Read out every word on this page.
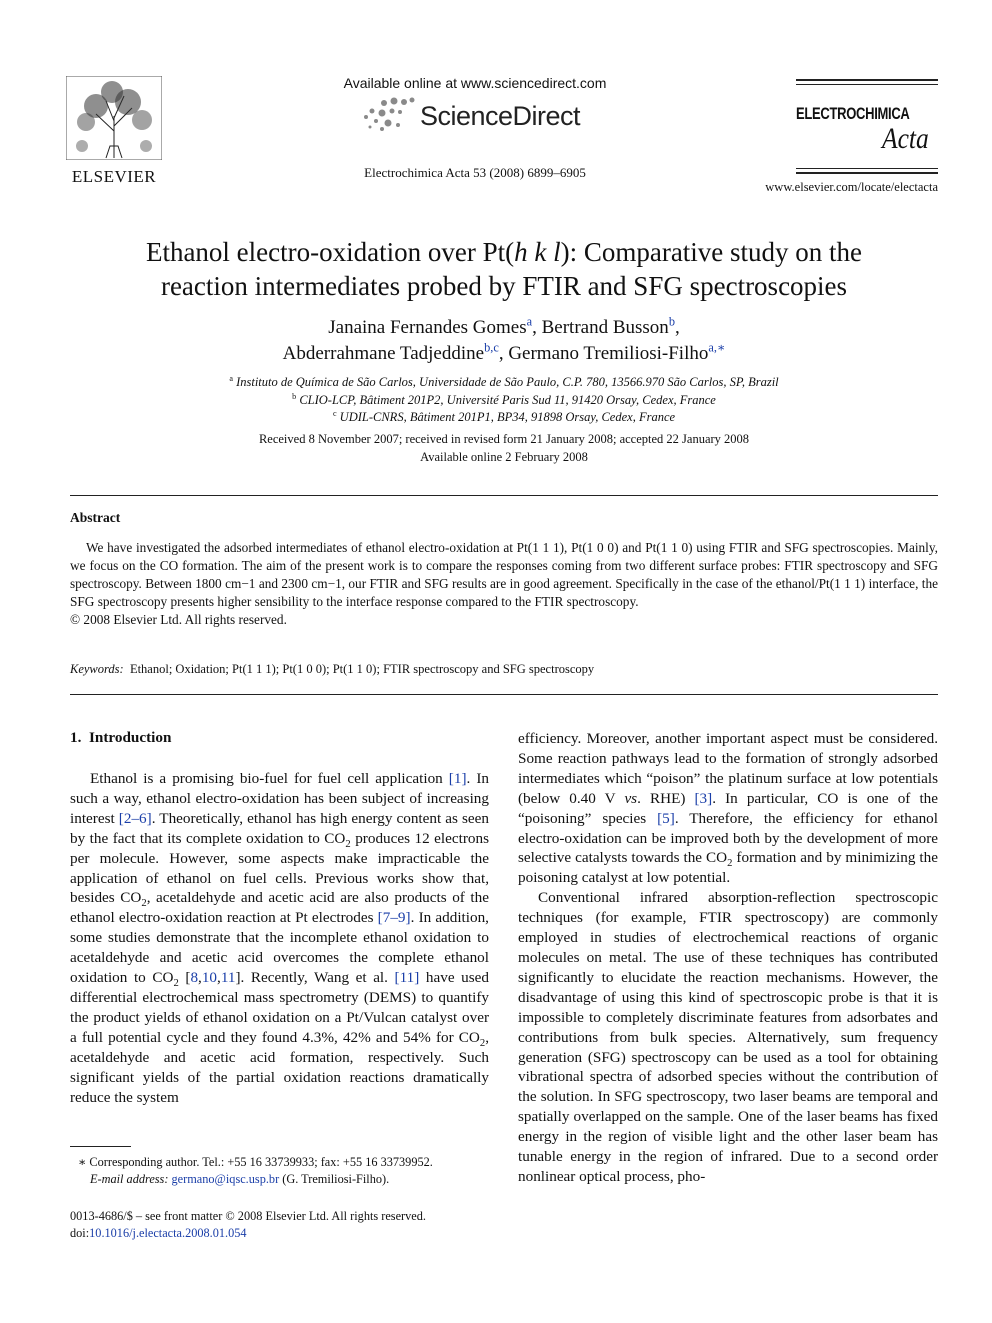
ELSEVIER
Available online at www.sciencedirect.com
ScienceDirect
Electrochimica Acta 53 (2008) 6899–6905
ELECTROCHIMICA
Acta
www.elsevier.com/locate/electacta
Ethanol electro-oxidation over Pt(h k l): Comparative study on the
reaction intermediates probed by FTIR and SFG spectroscopies
Janaina Fernandes Gomes$^a$, Bertrand Busson$^b$,
Abderrahmane Tadjeddine$^{b,c}$, Germano Tremiliosi-Filho$^{a,∗}$
$^a$ Instituto de Química de São Carlos, Universidade de São Paulo, C.P. 780, 13566.970 São Carlos, SP, Brazil
$^b$ CLIO-LCP, Bâtiment 201P2, Université Paris Sud 11, 91420 Orsay, Cedex, France
$^c$ UDIL-CNRS, Bâtiment 201P1, BP34, 91898 Orsay, Cedex, France
Received 8 November 2007; received in revised form 21 January 2008; accepted 22 January 2008
Available online 2 February 2008
Abstract
We have investigated the adsorbed intermediates of ethanol electro-oxidation at Pt(1 1 1), Pt(1 0 0) and Pt(1 1 0) using FTIR and SFG spectroscopies. Mainly, we focus on the CO formation. The aim of the present work is to compare the responses coming from two different surface probes: FTIR spectroscopy and SFG spectroscopy. Between 1800 cm−1 and 2300 cm−1, our FTIR and SFG results are in good agreement. Specifically in the case of the ethanol/Pt(1 1 1) interface, the SFG spectroscopy presents higher sensibility to the interface response compared to the FTIR spectroscopy.
© 2008 Elsevier Ltd. All rights reserved.
Keywords: Ethanol; Oxidation; Pt(1 1 1); Pt(1 0 0); Pt(1 1 0); FTIR spectroscopy and SFG spectroscopy
1.  Introduction

Ethanol is a promising bio-fuel for fuel cell application [1]. In such a way, ethanol electro-oxidation has been subject of increasing interest [2–6]. Theoretically, ethanol has high energy content as seen by the fact that its complete oxidation to $CO_2$ produces 12 electrons per molecule. However, some aspects make impracticable the application of ethanol on fuel cells. Previous works show that, besides $CO_2$, acetaldehyde and acetic acid are also products of the ethanol electro-oxidation reaction at Pt electrodes [7–9]. In addition, some studies demonstrate that the incomplete ethanol oxidation to acetaldehyde and acetic acid overcomes the complete ethanol oxidation to $CO_2$ [8,10,11]. Recently, Wang et al. [11] have used differential electrochemical mass spectrometry (DEMS) to quantify the product yields of ethanol oxidation on a Pt/Vulcan catalyst over a full potential cycle and they found 4.3%, 42% and 54% for $CO_2$, acetaldehyde and acetic acid formation, respectively. Such significant yields of the partial oxidation reactions dramatically reduce the system

∗ Corresponding author. Tel.: +55 16 33739933; fax: +55 16 33739952.
E-mail address: germano@iqsc.usp.br (G. Tremiliosi-Filho).
0013-4686/$ – see front matter © 2008 Elsevier Ltd. All rights reserved.
doi:10.1016/j.electacta.2008.01.054

efficiency. Moreover, another important aspect must be considered. Some reaction pathways lead to the formation of strongly adsorbed intermediates which “poison” the platinum surface at low potentials (below 0.40 V vs. RHE) [3]. In particular, CO is one of the “poisoning” species [5]. Therefore, the efficiency for ethanol electro-oxidation can be improved both by the development of more selective catalysts towards the $CO_2$ formation and by minimizing the poisoning catalyst at low potential.

Conventional infrared absorption-reflection spectroscopic techniques (for example, FTIR spectroscopy) are commonly employed in studies of electrochemical reactions of organic molecules on metal. The use of these techniques has contributed significantly to elucidate the reaction mechanisms. However, the disadvantage of using this kind of spectroscopic probe is that it is impossible to completely discriminate features from adsorbates and contributions from bulk species. Alternatively, sum frequency generation (SFG) spectroscopy can be used as a tool for obtaining vibrational spectra of adsorbed species without the contribution of the solution. In SFG spectroscopy, two laser beams are temporal and spatially overlapped on the sample. One of the laser beams has fixed energy in the region of visible light and the other laser beam has tunable energy in the region of infrared. Due to a second order nonlinear optical process, pho-
